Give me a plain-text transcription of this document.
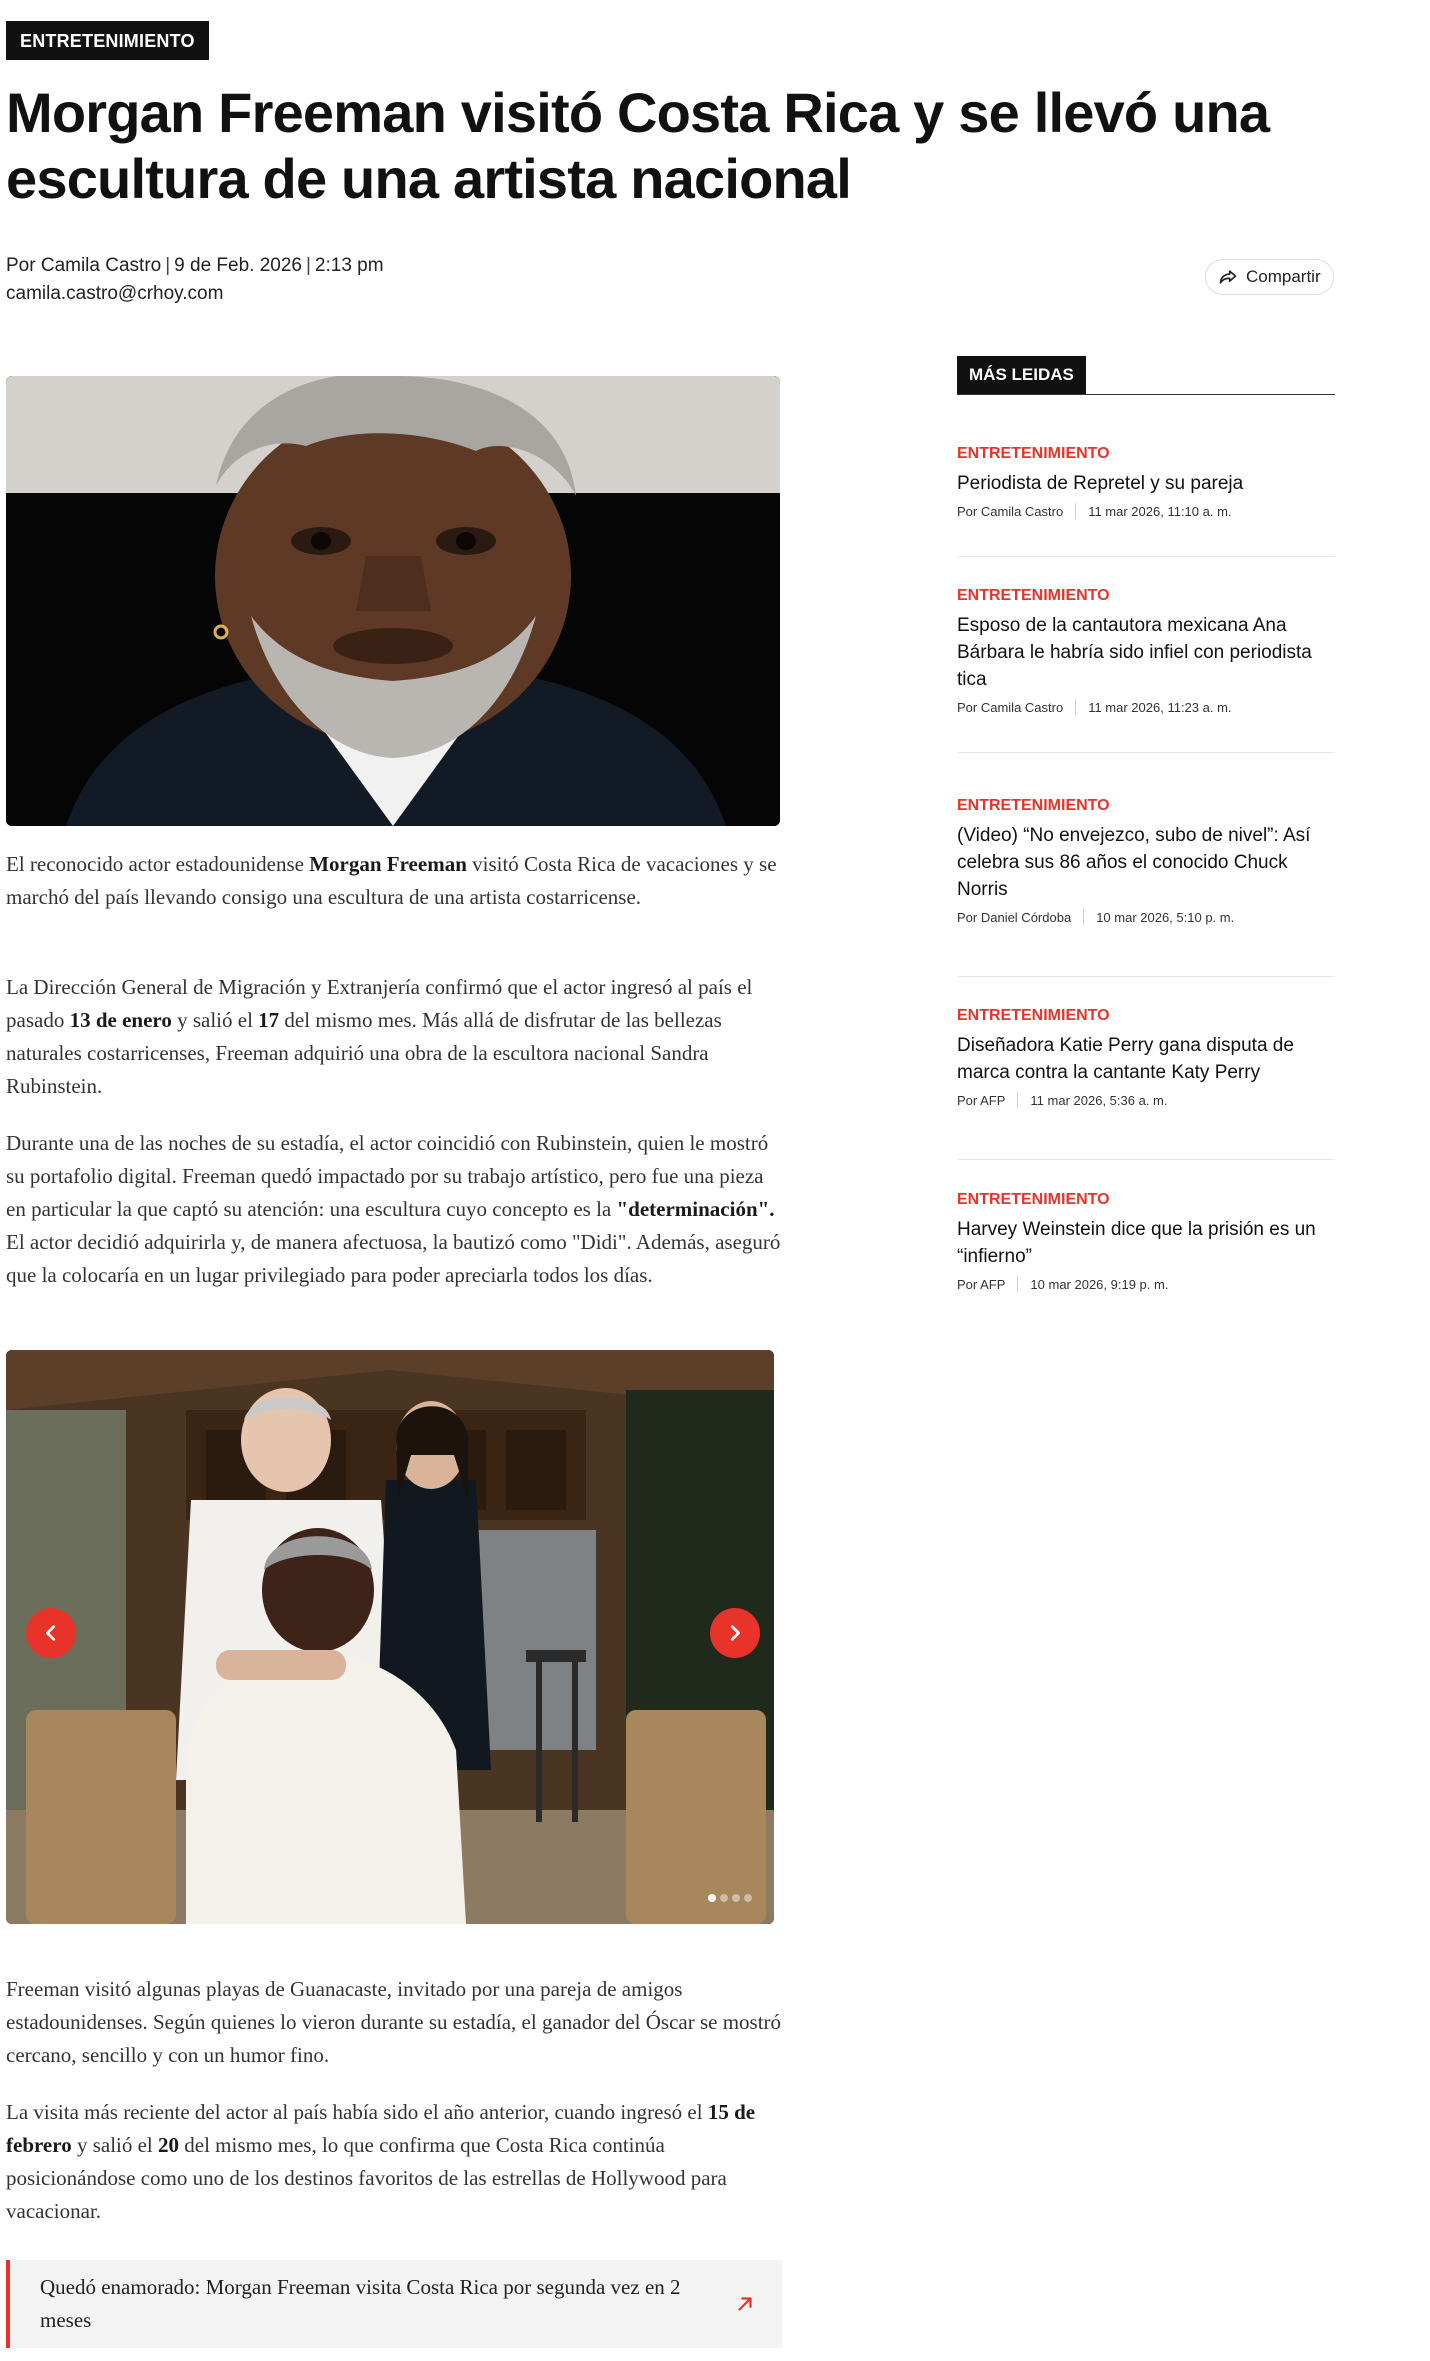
ENTRETENIMIENTO
Morgan Freeman visitó Costa Rica y se llevó una escultura de una artista nacional
Por Camila Castro | 9 de Feb. 2026 | 2:13 pm
camila.castro@crhoy.com
Compartir

El reconocido actor estadounidense Morgan Freeman visitó Costa Rica de vacaciones y se marchó del país llevando consigo una escultura de una artista costarricense.

La Dirección General de Migración y Extranjería confirmó que el actor ingresó al país el pasado 13 de enero y salió el 17 del mismo mes. Más allá de disfrutar de las bellezas naturales costarricenses, Freeman adquirió una obra de la escultora nacional Sandra Rubinstein.

Durante una de las noches de su estadía, el actor coincidió con Rubinstein, quien le mostró su portafolio digital. Freeman quedó impactado por su trabajo artístico, pero fue una pieza en particular la que captó su atención: una escultura cuyo concepto es la "determinación". El actor decidió adquirirla y, de manera afectuosa, la bautizó como "Didi". Además, aseguró que la colocaría en un lugar privilegiado para poder apreciarla todos los días.

Freeman visitó algunas playas de Guanacaste, invitado por una pareja de amigos estadounidenses. Según quienes lo vieron durante su estadía, el ganador del Óscar se mostró cercano, sencillo y con un humor fino.

La visita más reciente del actor al país había sido el año anterior, cuando ingresó el 15 de febrero y salió el 20 del mismo mes, lo que confirma que Costa Rica continúa posicionándose como uno de los destinos favoritos de las estrellas de Hollywood para vacacionar.

Quedó enamorado: Morgan Freeman visita Costa Rica por segunda vez en 2 meses
MÁS LEIDAS
ENTRETENIMIENTO
Periodista de Repretel y su pareja
Por Camila Castro	11 mar 2026, 11:10 a. m.
ENTRETENIMIENTO
Esposo de la cantautora mexicana Ana Bárbara le habría sido infiel con periodista tica
Por Camila Castro	11 mar 2026, 11:23 a. m.
ENTRETENIMIENTO
(Video) “No envejezco, subo de nivel”: Así celebra sus 86 años el conocido Chuck Norris
Por Daniel Córdoba	10 mar 2026, 5:10 p. m.
ENTRETENIMIENTO
Diseñadora Katie Perry gana disputa de marca contra la cantante Katy Perry
Por AFP	11 mar 2026, 5:36 a. m.
ENTRETENIMIENTO
Harvey Weinstein dice que la prisión es un “infierno”
Por AFP	10 mar 2026, 9:19 p. m.
